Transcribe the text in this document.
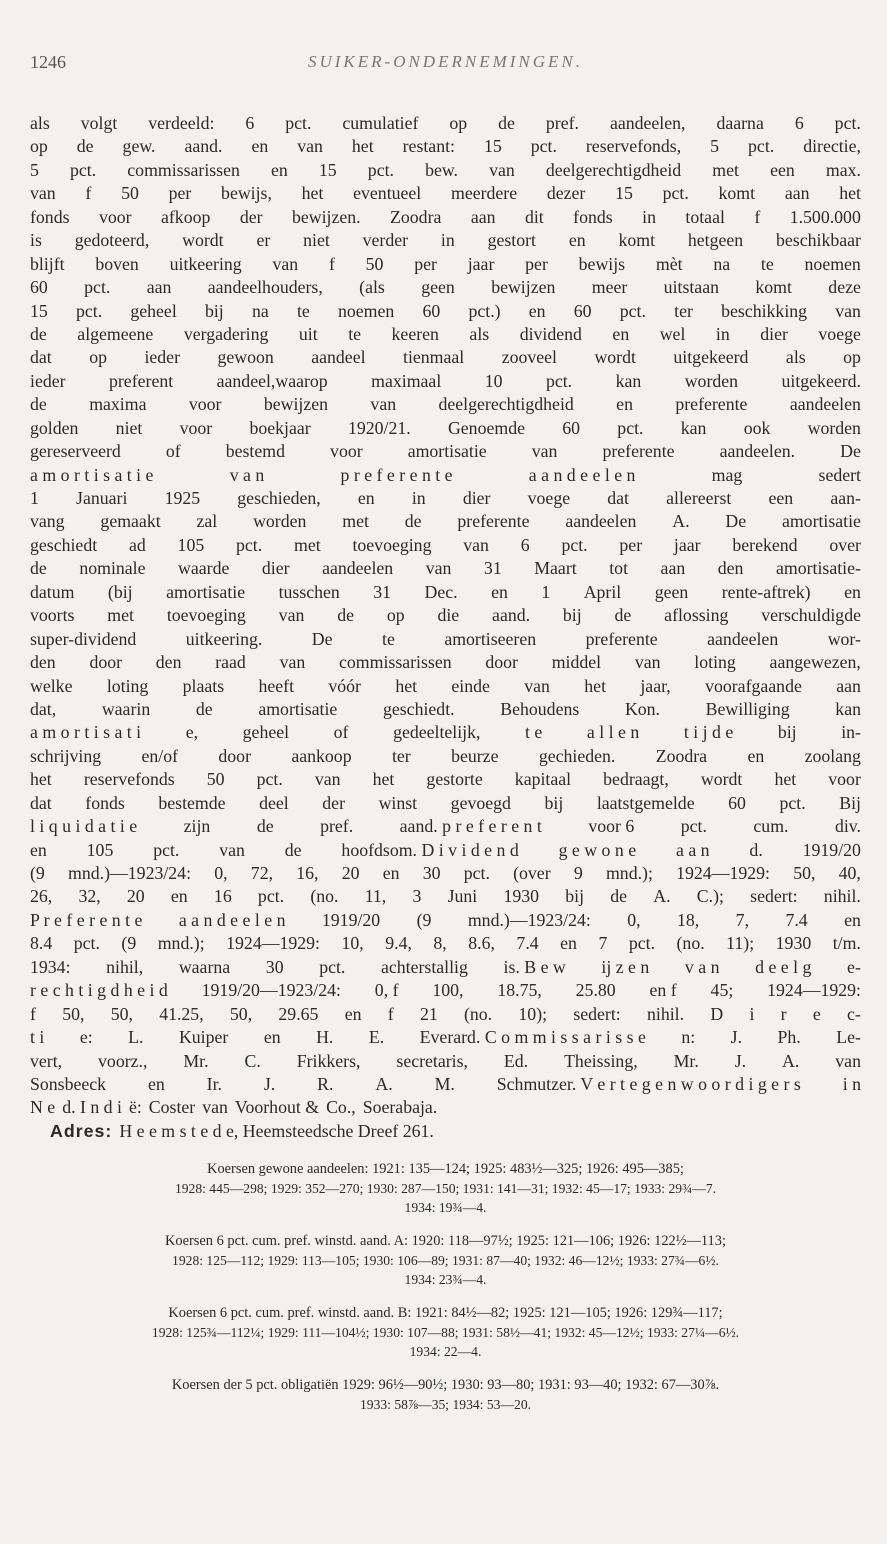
1246	SUIKER-ONDERNEMINGEN.
als volgt verdeeld: 6 pct. cumulatief op de pref. aandeelen, daarna 6 pct.
op de gew. aand. en van het restant: 15 pct. reservefonds, 5 pct. directie,
5 pct. commissarissen en 15 pct. bew. van deelgerechtigdheid met een max.
van f 50 per bewijs, het eventueel meerdere dezer 15 pct. komt aan het
fonds voor afkoop der bewijzen. Zoodra aan dit fonds in totaal f 1.500.000
is gedoteerd, wordt er niet verder in gestort en komt hetgeen beschikbaar
blijft boven uitkeering van f 50 per jaar per bewijs mèt na te noemen
60 pct. aan aandeelhouders, (als geen bewijzen meer uitstaan komt deze
15 pct. geheel bij na te noemen 60 pct.) en 60 pct. ter beschikking van
de algemeene vergadering uit te keeren als dividend en wel in dier voege
dat op ieder gewoon aandeel tienmaal zooveel wordt uitgekeerd als op
ieder preferent aandeel,waarop maximaal 10 pct. kan worden uitgekeerd.
de maxima voor bewijzen van deelgerechtigdheid en preferente aandeelen
golden niet voor boekjaar 1920/21. Genoemde 60 pct. kan ook worden
gereserveerd	of	bestemd	voor	amortisatie	van	preferente	aandeelen.	De
a m o r t i s a t i e	v a n	p r e f e r e n t e	a a n d e e l e n	mag	sedert
1 Januari 1925 geschieden, en in dier voege dat allereerst een aan-
vang gemaakt zal worden met de preferente aandeelen A. De amortisatie
geschiedt ad 105 pct. met toevoeging van 6 pct. per jaar berekend over
de nominale waarde dier aandeelen van 31 Maart tot aan den amortisatie-
datum (bij amortisatie tusschen 31 Dec. en 1 April geen rente-aftrek) en
voorts met toevoeging van de op die aand. bij de aflossing verschuldigde
super-dividend	uitkeering.	De	te	amortiseeren	preferente	aandeelen	wor-
den door den raad van commissarissen door middel van loting aangewezen,
welke loting plaats heeft vóór het einde van het jaar, voorafgaande aan
dat,	waarin	de	amortisatie	geschiedt.	Behoudens	Kon.	Bewilliging	kan
a m o r t i s a t i	e,	geheel	of	gedeeltelijk,	t e	a l l e n	t i j d e	bij	in-
schrijving en/of door aankoop ter beurze gechieden. Zoodra en zoolang
het reservefonds 50 pct. van het gestorte kapitaal bedraagt, wordt het voor
dat fonds bestemde deel der winst gevoegd bij laatstgemelde 60 pct. Bij
l i q u i d a t i e	zijn	de	pref.	aand. p r e f e r e n t	voor 6	pct.	cum.	div.
en 105 pct. van de hoofdsom. D i v i d e n d g e w o n e a a n d. 1919/20
(9 mnd.)—1923/24: 0, 72, 16, 20 en 30 pct. (over 9 mnd.); 1924—1929: 50, 40,
26, 32, 20 en 16 pct. (no. 11, 3 Juni 1930 bij de A. C.); sedert: nihil.
P r e f e r e n t e a a n d e e l e n 1919/20 (9 mnd.)—1923/24: 0, 18, 7, 7.4 en
8.4 pct. (9 mnd.); 1924—1929: 10, 9.4, 8, 8.6, 7.4 en 7 pct. (no. 11); 1930 t/m.
1934: nihil, waarna 30 pct. achterstallig is. B e w ij z e n v a n d e e l g e-
r e c h t i g d h e i d 1919/20—1923/24: 0, f 100, 18.75, 25.80 en f 45; 1924—1929:
f 50, 50, 41.25, 50, 29.65 en f 21 (no. 10); sedert: nihil. D i r e c-
t i e: L. Kuiper en H. E. Everard. C o m m i s s a r i s s e n: J. Ph. Le-
vert, voorz., Mr. C. Frikkers, secretaris, Ed. Theissing, Mr. J. A. van
Sonsbeeck en Ir. J. R. A. M. Schmutzer. V e r t e g e n w o o r d i g e r s i n
N e d. I n d i ë: Coster van Voorhout & Co., Soerabaja.
Adres: H e e m s t e d e, Heemsteedsche Dreef 261.
Koersen gewone aandeelen: 1921: 135—124; 1925: 483½—325; 1926: 495—385;
1928: 445—298; 1929: 352—270; 1930: 287—150; 1931: 141—31; 1932: 45—17; 1933: 29¾—7.
1934: 19¾—4.
Koersen 6 pct. cum. pref. winstd. aand. A: 1920: 118—97½; 1925: 121—106; 1926: 122½—113;
1928: 125—112; 1929: 113—105; 1930: 106—89; 1931: 87—40; 1932: 46—12½; 1933: 27¾—6½.
1934: 23¾—4.
Koersen 6 pct. cum. pref. winstd. aand. B: 1921: 84½—82; 1925: 121—105; 1926: 129¾—117;
1928: 125¾—112¼; 1929: 111—104½; 1930: 107—88; 1931: 58½—41; 1932: 45—12½; 1933: 27¼—6½.
1934: 22—4.
Koersen der 5 pct. obligatiën 1929: 96½—90½; 1930: 93—80; 1931: 93—40; 1932: 67—30⅞.
1933: 58⅞—35; 1934: 53—20.
